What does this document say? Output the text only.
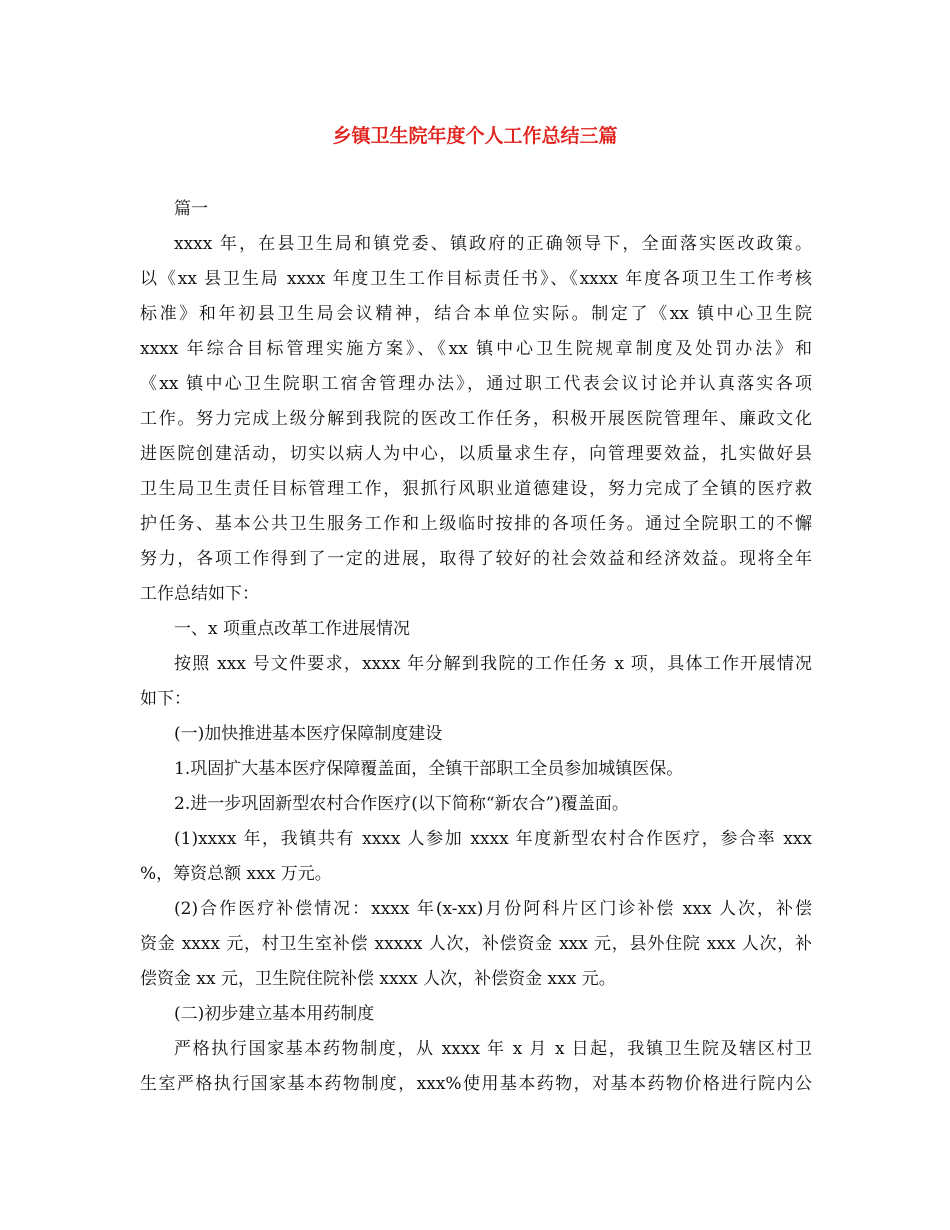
乡镇卫生院年度个人工作总结三篇
篇一
xxxx 年，在县卫生局和镇党委、镇政府的正确领导下，全面落实医改政策。
以《xx 县卫生局 xxxx 年度卫生工作目标责任书》、《xxxx 年度各项卫生工作考核
标准》和年初县卫生局会议精神，结合本单位实际。制定了《xx 镇中心卫生院
xxxx 年综合目标管理实施方案》、《xx 镇中心卫生院规章制度及处罚办法》和
《xx 镇中心卫生院职工宿舍管理办法》，通过职工代表会议讨论并认真落实各项
工作。努力完成上级分解到我院的医改工作任务，积极开展医院管理年、廉政文化
进医院创建活动，切实以病人为中心，以质量求生存，向管理要效益，扎实做好县
卫生局卫生责任目标管理工作，狠抓行风职业道德建设，努力完成了全镇的医疗救
护任务、基本公共卫生服务工作和上级临时按排的各项任务。通过全院职工的不懈
努力，各项工作得到了一定的进展，取得了较好的社会效益和经济效益。现将全年
工作总结如下：
一、x 项重点改革工作进展情况
按照 xxx 号文件要求，xxxx 年分解到我院的工作任务 x 项，具体工作开展情况
如下：
(一)加快推进基本医疗保障制度建设
1.巩固扩大基本医疗保障覆盖面，全镇干部职工全员参加城镇医保。
2.进一步巩固新型农村合作医疗(以下简称“新农合”)覆盖面。
(1)xxxx 年，我镇共有 xxxx 人参加 xxxx 年度新型农村合作医疗，参合率 xxx
%，筹资总额 xxx 万元。
(2)合作医疗补偿情况：xxxx 年(x-xx)月份阿科片区门诊补偿 xxx 人次，补偿
资金 xxxx 元，村卫生室补偿 xxxxx 人次，补偿资金 xxx 元，县外住院 xxx 人次，补
偿资金 xx 元，卫生院住院补偿 xxxx 人次，补偿资金 xxx 元。
(二)初步建立基本用药制度
严格执行国家基本药物制度，从 xxxx 年 x 月 x 日起，我镇卫生院及辖区村卫
生室严格执行国家基本药物制度，xxx%使用基本药物，对基本药物价格进行院内公
